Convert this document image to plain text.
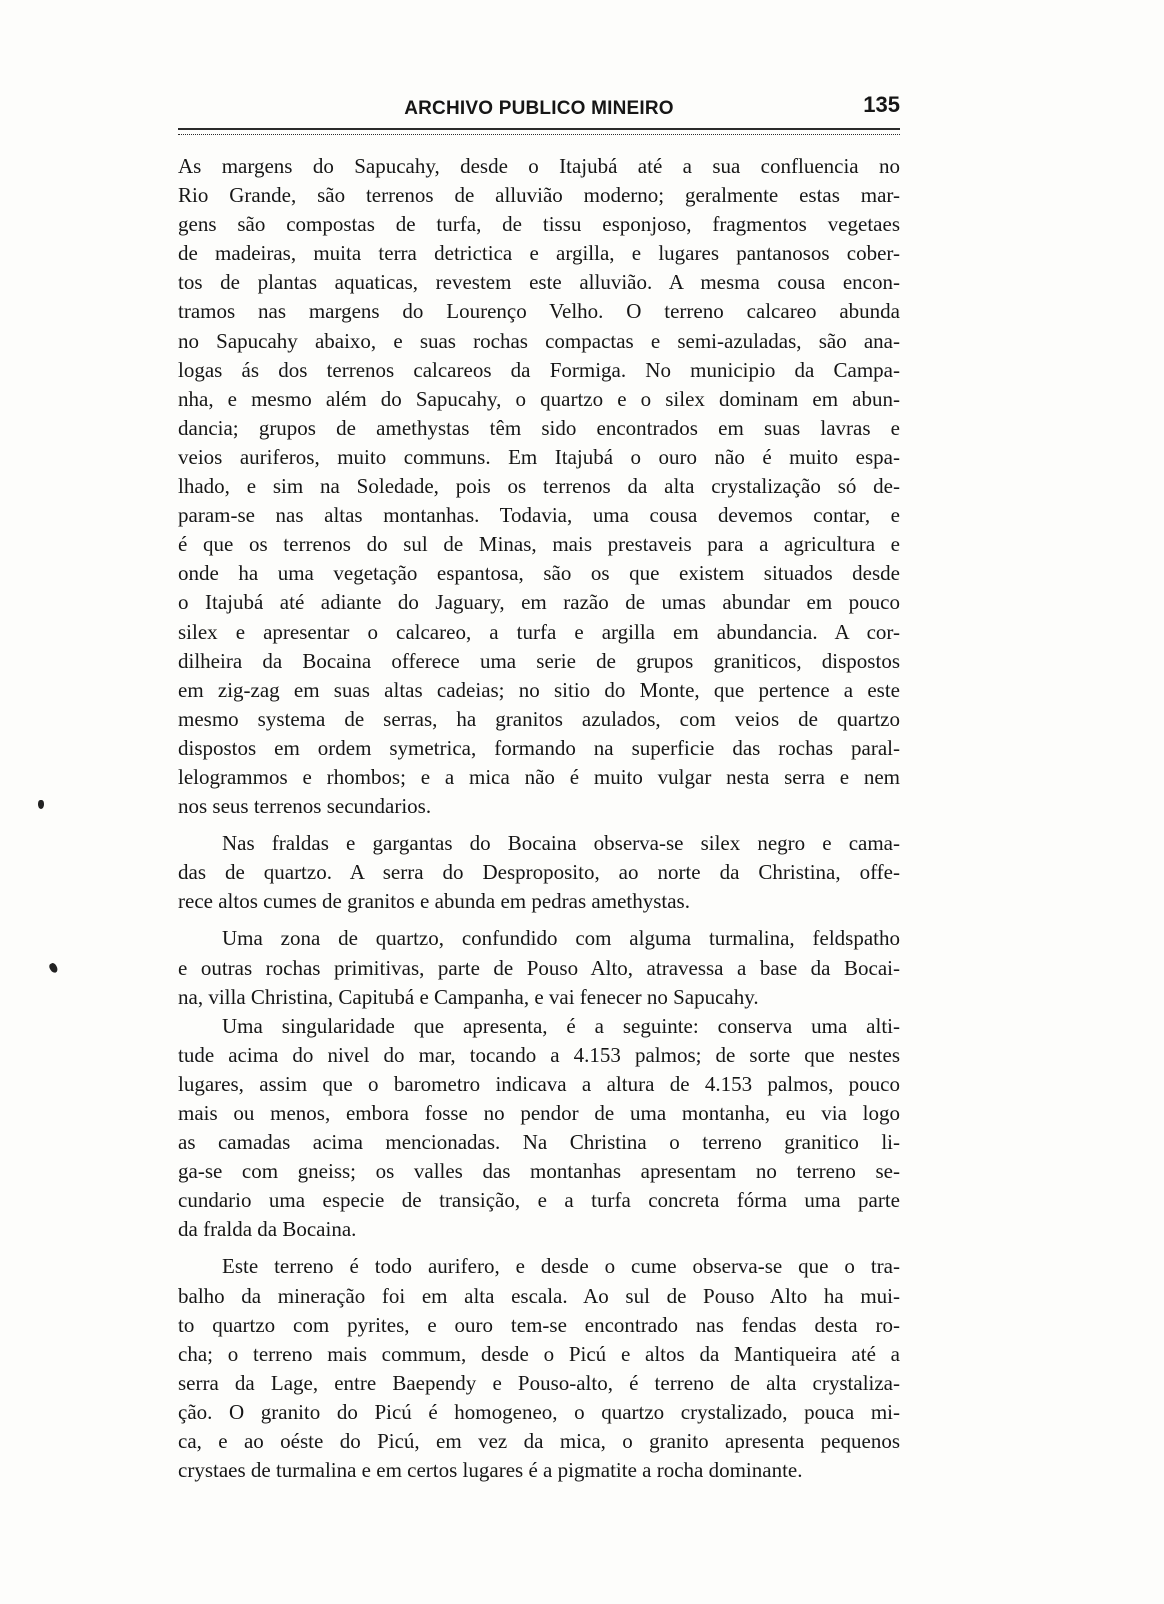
ARCHIVO PUBLICO MINEIRO	135
As margens do Sapucahy, desde o Itajubá até a sua confluencia no
Rio Grande, são terrenos de alluvião moderno; geralmente estas mar-
gens são compostas de turfa, de tissu esponjoso, fragmentos vegetaes
de madeiras, muita terra detrictica e argilla, e lugares pantanosos cober-
tos de plantas aquaticas, revestem este alluvião. A mesma cousa encon-
tramos nas margens do Lourenço Velho. O terreno calcareo abunda
no Sapucahy abaixo, e suas rochas compactas e semi-azuladas, são ana-
logas ás dos terrenos calcareos da Formiga. No municipio da Campa-
nha, e mesmo além do Sapucahy, o quartzo e o silex dominam em abun-
dancia; grupos de amethystas têm sido encontrados em suas lavras e
veios auriferos, muito communs. Em Itajubá o ouro não é muito espa-
lhado, e sim na Soledade, pois os terrenos da alta crystalização só de-
param-se nas altas montanhas. Todavia, uma cousa devemos contar, e
é que os terrenos do sul de Minas, mais prestaveis para a agricultura e
onde ha uma vegetação espantosa, são os que existem situados desde
o Itajubá até adiante do Jaguary, em razão de umas abundar em pouco
silex e apresentar o calcareo, a turfa e argilla em abundancia. A cor-
dilheira da Bocaina offerece uma serie de grupos graniticos, dispostos
em zig-zag em suas altas cadeias; no sitio do Monte, que pertence a este
mesmo systema de serras, ha granitos azulados, com veios de quartzo
dispostos em ordem symetrica, formando na superficie das rochas paral-
lelogrammos e rhombos; e a mica não é muito vulgar nesta serra e nem
nos seus terrenos secundarios.
Nas fraldas e gargantas do Bocaina observa-se silex negro e cama-
das de quartzo. A serra do Desproposito, ao norte da Christina, offe-
rece altos cumes de granitos e abunda em pedras amethystas.
Uma zona de quartzo, confundido com alguma turmalina, feldspatho
e outras rochas primitivas, parte de Pouso Alto, atravessa a base da Bocai-
na, villa Christina, Capitubá e Campanha, e vai fenecer no Sapucahy.
Uma singularidade que apresenta, é a seguinte: conserva uma alti-
tude acima do nivel do mar, tocando a 4.153 palmos; de sorte que nestes
lugares, assim que o barometro indicava a altura de 4.153 palmos, pouco
mais ou menos, embora fosse no pendor de uma montanha, eu via logo
as camadas acima mencionadas. Na Christina o terreno granitico li-
ga-se com gneiss; os valles das montanhas apresentam no terreno se-
cundario uma especie de transição, e a turfa concreta fórma uma parte
da fralda da Bocaina.
Este terreno é todo aurifero, e desde o cume observa-se que o tra-
balho da mineração foi em alta escala. Ao sul de Pouso Alto ha mui-
to quartzo com pyrites, e ouro tem-se encontrado nas fendas desta ro-
cha; o terreno mais commum, desde o Picú e altos da Mantiqueira até a
serra da Lage, entre Baependy e Pouso-alto, é terreno de alta crystaliza-
ção. O granito do Picú é homogeneo, o quartzo crystalizado, pouca mi-
ca, e ao oéste do Picú, em vez da mica, o granito apresenta pequenos
crystaes de turmalina e em certos lugares é a pigmatite a rocha dominante.
